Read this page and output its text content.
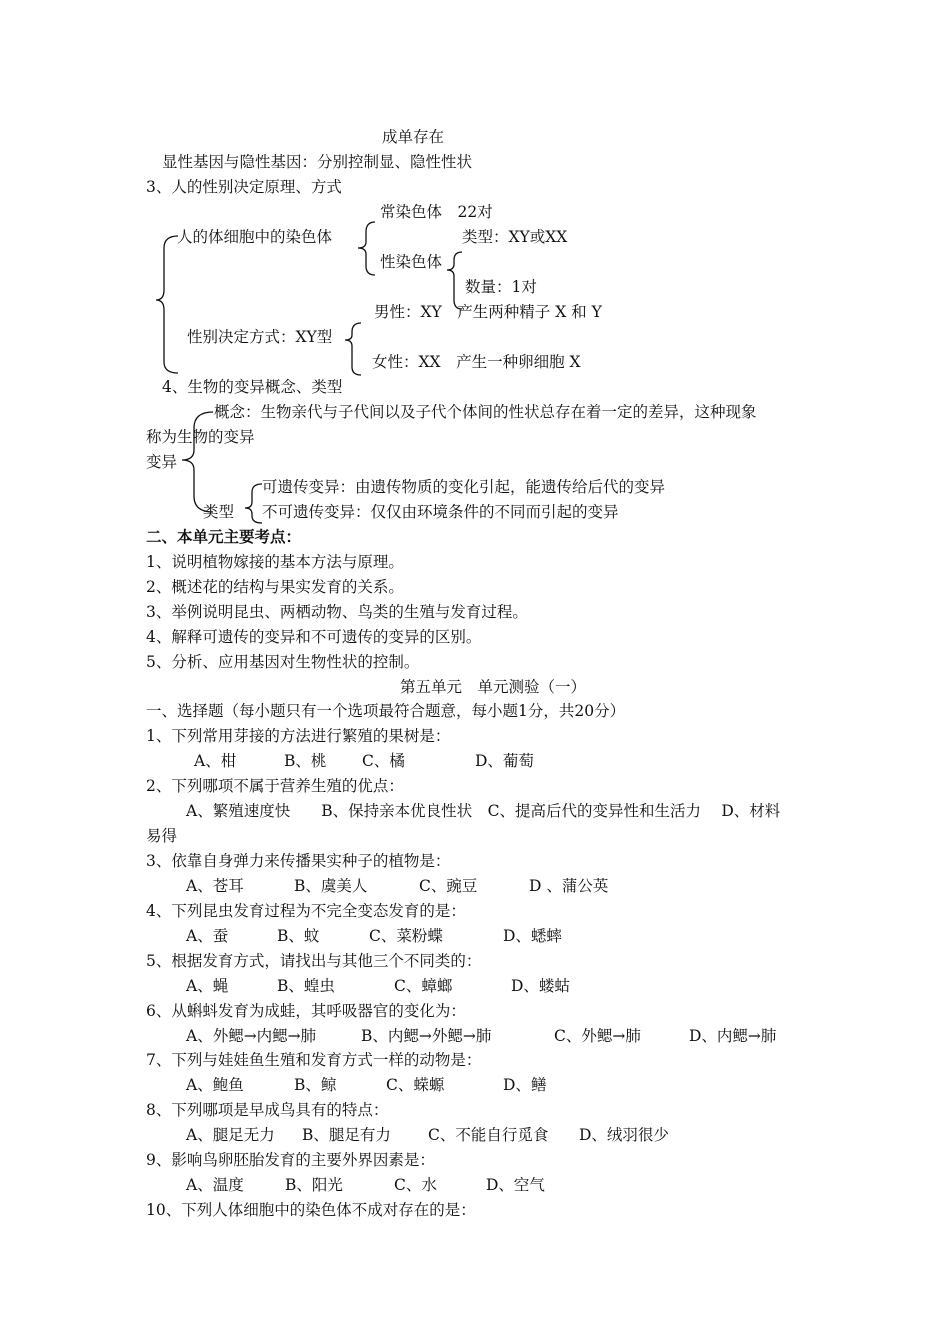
成单存在
显性基因与隐性基因：分别控制显、隐性性状
3、人的性别决定原理、方式
常染色体　22对
人的体细胞中的染色体	类型：XY或XX
性染色体
数量：1对
男性：XY　产生两种精子 X 和 Y
性别决定方式：XY型
女性：XX　产生一种卵细胞 X
4、生物的变异概念、类型
概念：生物亲代与子代间以及子代个体间的性状总存在着一定的差异，这种现象
称为生物的变异
变异
可遗传变异：由遗传物质的变化引起，能遗传给后代的变异
类型 不可遗传变异：仅仅由环境条件的不同而引起的变异
二、本单元主要考点：
1、说明植物嫁接的基本方法与原理。
2、概述花的结构与果实发育的关系。
3、举例说明昆虫、两栖动物、鸟类的生殖与发育过程。
4、解释可遗传的变异和不可遗传的变异的区别。
5、分析、应用基因对生物性状的控制。
第五单元　单元测验（一）
一、选择题（每小题只有一个选项最符合题意，每小题1分，共20分）
1、下列常用芽接的方法进行繁殖的果树是：
A、柑	B、桃 C、橘	D、葡萄
2、下列哪项不属于营养生殖的优点：
A、繁殖速度快　　B、保持亲本优良性状　C、提高后代的变异性和生活力　 D、材料
易得
3、依靠自身弹力来传播果实种子的植物是：
A、苍耳	B、虞美人	C、豌豆	D 、蒲公英
4、下列昆虫发育过程为不完全变态发育的是：
A、蚕	B、蚊	C、菜粉蝶	D、蟋蟀
5、根据发育方式，请找出与其他三个不同类的：
A、蝇	B、蝗虫	C、蟑螂	D、蝼蛄
6、从蝌蚪发育为成蛙，其呼吸器官的变化为：
A、外鳃→内鳃→肺	B、内鳃→外鳃→肺	C、外鳃→肺	D、内鳃→肺
7、下列与娃娃鱼生殖和发育方式一样的动物是：
A、鲍鱼	B、鲸	C、蝾螈	D、鳝
8、下列哪项是早成鸟具有的特点：
A、腿足无力 B、腿足有力 C、不能自行觅食 D、绒羽很少
9、影响鸟卵胚胎发育的主要外界因素是：
A、温度	B、阳光	C、水	D、空气
10、下列人体细胞中的染色体不成对存在的是：
